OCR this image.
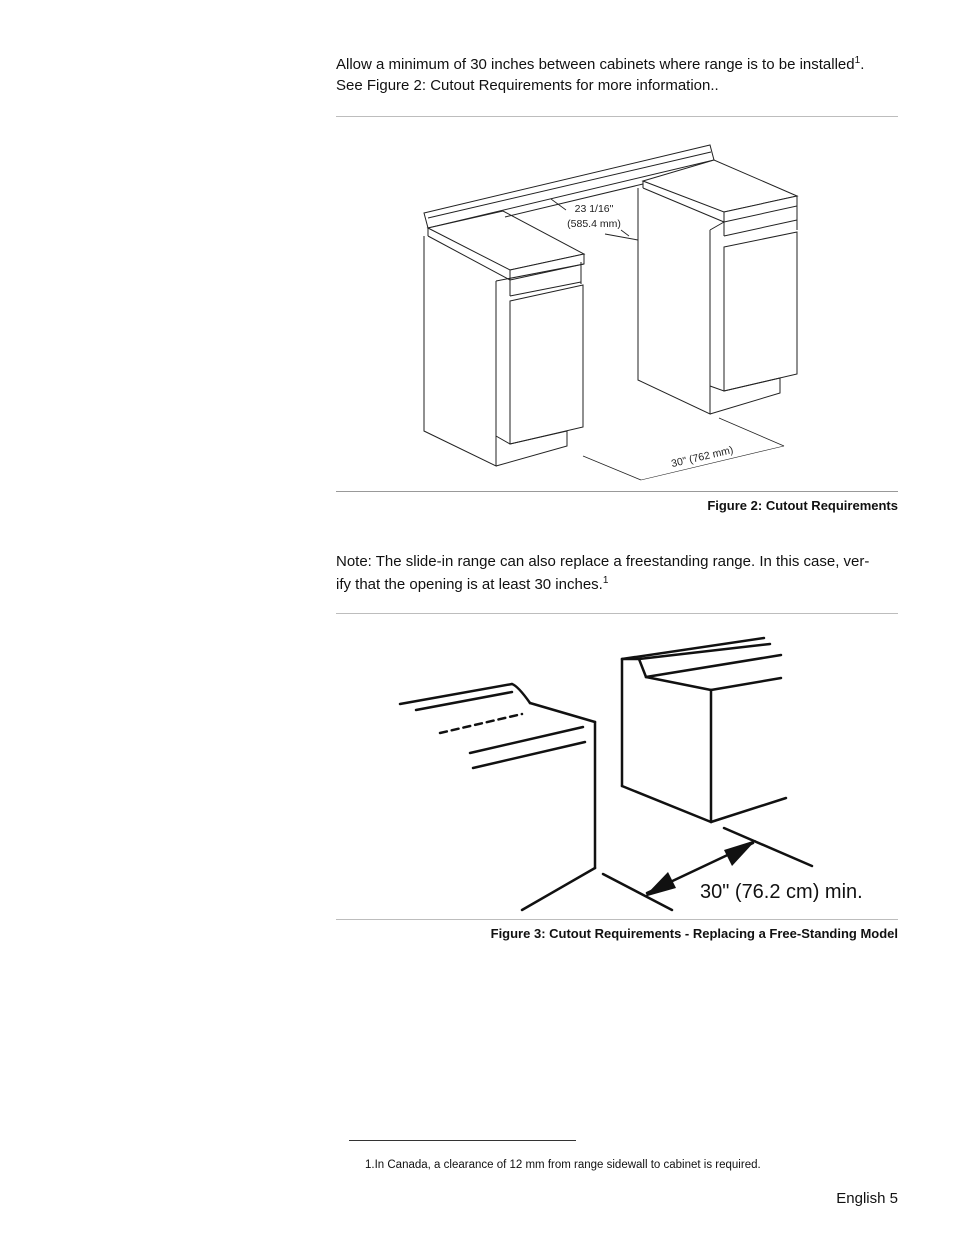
Allow a minimum of 30 inches between cabinets where range is to be installed$^1$.
See Figure 2: Cutout Requirements for more information..

23 1/16"
(585.4 mm)
30" (762 mm)

Figure 2: Cutout Requirements

Note: The slide-in range can also replace a freestanding range. In this case, ver-
ify that the opening is at least 30 inches.$^1$

30" (76.2 cm) min.

Figure 3: Cutout Requirements - Replacing a Free-Standing Model

1.In Canada, a clearance of 12 mm from range sidewall to cabinet is required.

English 5
